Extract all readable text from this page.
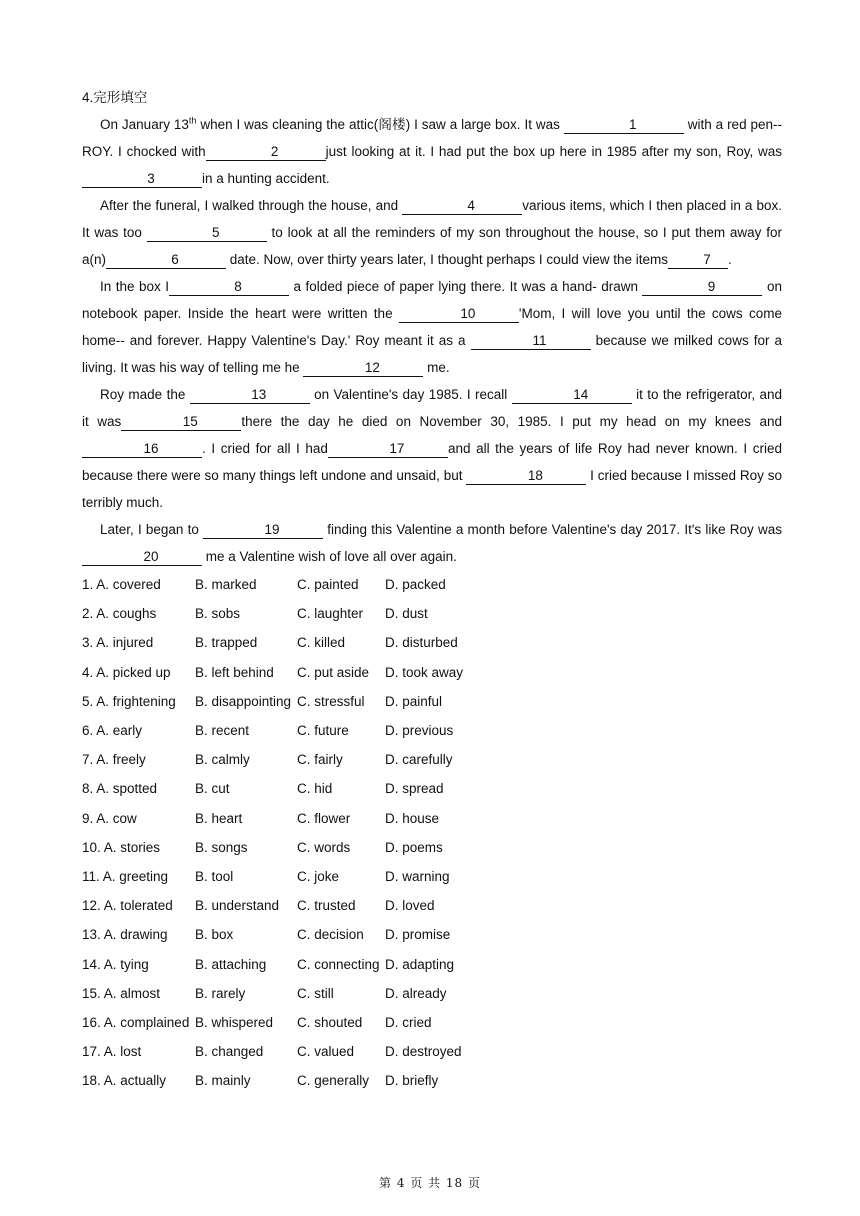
4.完形填空

On January 13th when I was cleaning the attic(阁楼) I saw a large box. It was	1	with a red pen--ROY. I chocked with	2	just looking at it. I had put the box up here in 1985 after my son, Roy, was 3	in a hunting accident.

After the funeral, I walked through the house, and	4	various items, which I then placed in a box. It was too	5	to look at all the reminders of my son throughout the house, so I put them away for a(n)	6	date. Now, over thirty years later, I thought perhaps I could view the items	7 .

In the box I	8	a folded piece of paper lying there. It was a hand- drawn	9	on notebook paper. Inside the heart were written the	10	'Mom, I will love you until the cows come home-- and forever. Happy Valentine's Day.' Roy meant it as a	11	because we milked cows for a living. It was his way of telling me he	12	me.

Roy made the	13	on Valentine's day 1985. I recall	14	it to the refrigerator, and it was	15	there the day he died on November 30, 1985. I put my head on my knees and 16	. I cried for all I had	17	and all the years of life Roy had never known. I cried because there were so many things left undone and unsaid, but	18	I cried because I missed Roy so terribly much.

Later, I began to	19	finding this Valentine a month before Valentine's day 2017. It's like Roy was20	me a Valentine wish of love all over again.

1. A. covered	B. marked	C. painted	D. packed
2. A. coughs	B. sobs	C. laughter	D. dust
3. A. injured	B. trapped	C. killed	D. disturbed
4. A. picked up	B. left behind	C. put aside	D. took away
5. A. frightening	B. disappointing C. stressful	D. painful
6. A. early	B. recent	C. future	D. previous
7. A. freely	B. calmly	C. fairly	D. carefully
8. A. spotted	B. cut	C. hid	D. spread
9. A. cow	B. heart	C. flower	D. house
10. A. stories	B. songs	C. words	D. poems
11. A. greeting	B. tool	C. joke	D. warning
12. A. tolerated	B. understand	C. trusted	D. loved
13. A. drawing	B. box	C. decision	D. promise
14. A. tying	B. attaching	C. connecting D. adapting
15. A. almost	B. rarely	C. still	D. already
16. A. complained B. whispered	C. shouted	D. cried
17. A. lost	B. changed	C. valued	D. destroyed
18. A. actually	B. mainly	C. generally	D. briefly
第 4 页 共 18 页
